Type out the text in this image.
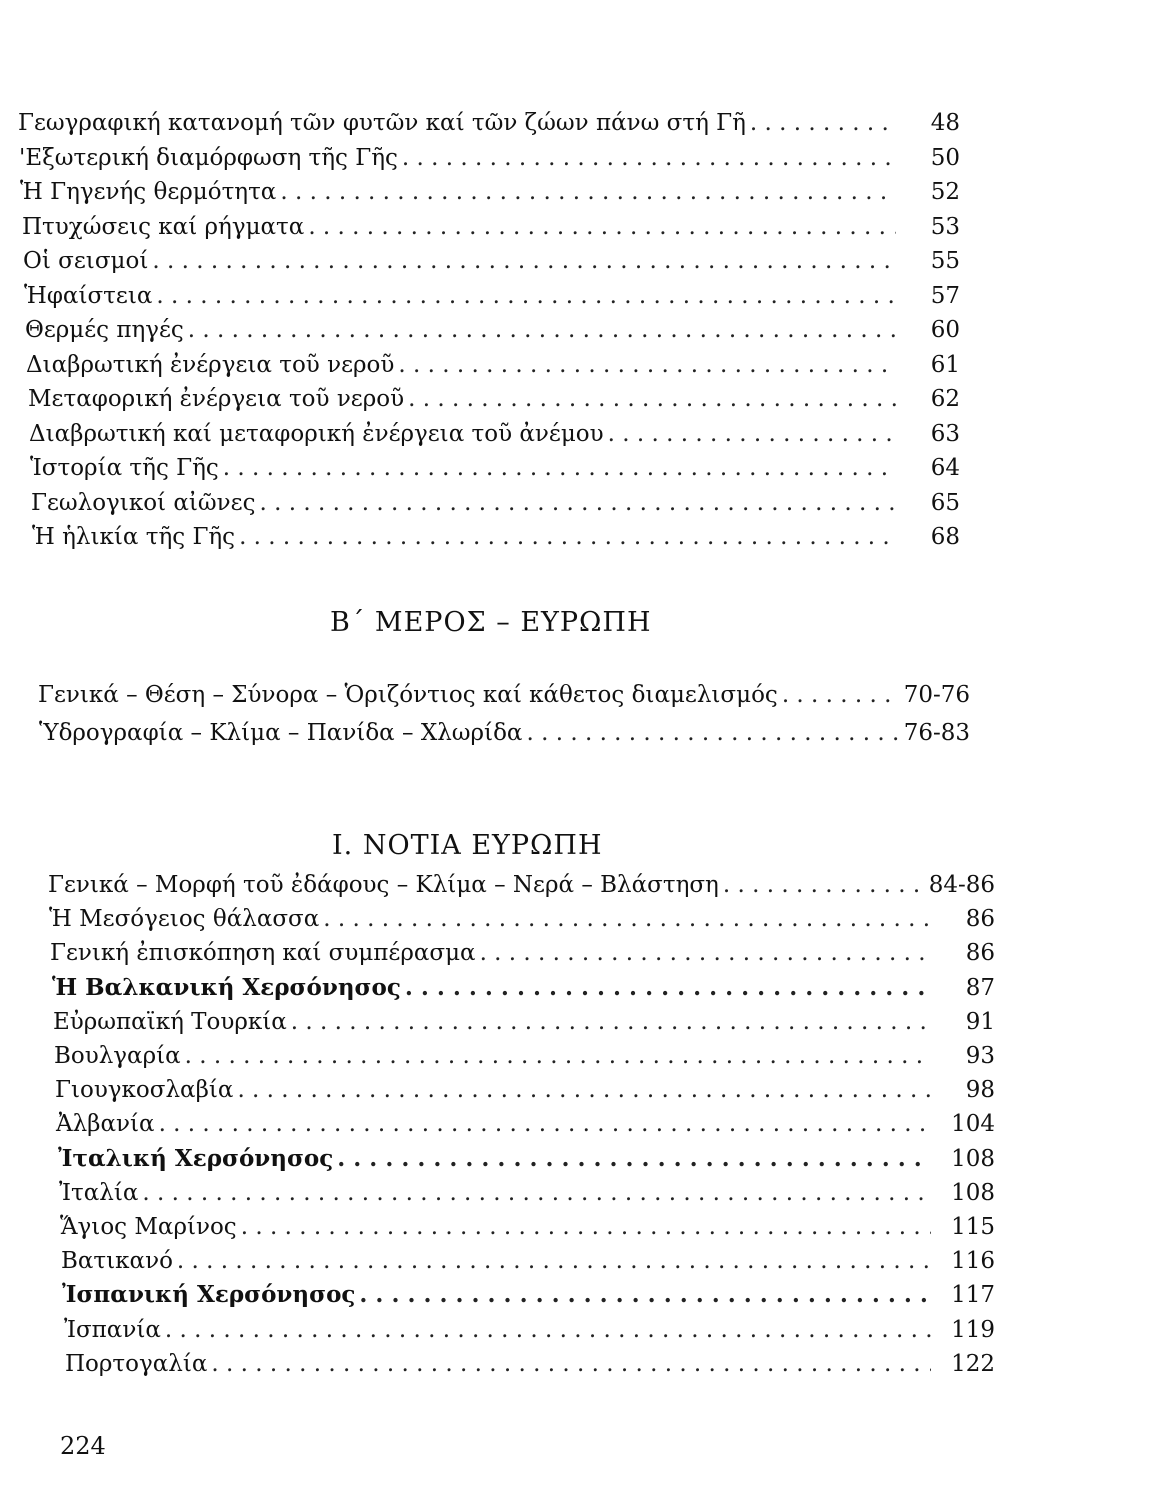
Γεωγραφική κατανομή τῶν φυτῶν καί τῶν ζώων πάνω στή Γῆ . . .	48
'Εξωτερική διαμόρφωση τῆς Γῆς . . .	50
Ἡ Γηγενής θερμότητα . . .	52
Πτυχώσεις καί ρήγματα . . .	53
Οἱ σεισμοί . . .	55
Ἡφαίστεια . . .	57
Θερμές πηγές . . .	60
Διαβρωτική ἐνέργεια τοῦ νεροῦ . . .	61
Μεταφορική ἐνέργεια τοῦ νεροῦ . . .	62
Διαβρωτική καί μεταφορική ἐνέργεια τοῦ ἀνέμου . . .	63
Ἱστορία τῆς Γῆς . . .	64
Γεωλογικοί αἰῶνες . . .	65
Ἡ ἡλικία τῆς Γῆς . . .	68
Β΄ ΜΕΡΟΣ – ΕΥΡΩΠΗ
Γενικά – Θέση – Σύνορα – Ὁριζόντιος καί κάθετος διαμελισμός . . .	70-76
Ὑδρογραφία – Κλίμα – Πανίδα – Χλωρίδα . . .	76-83
Ι. ΝΟΤΙΑ ΕΥΡΩΠΗ
Γενικά – Μορφή τοῦ ἐδάφους – Κλίμα – Νερά – Βλάστηση . . .	84-86
Ἡ Μεσόγειος θάλασσα . . .	86
Γενική ἐπισκόπηση καί συμπέρασμα . . .	86
Ἡ Βαλκανική Χερσόνησος . . .	87
Εὐρωπαϊκή Τουρκία . . .	91
Βουλγαρία . . .	93
Γιουγκοσλαβία . . .	98
Ἀλβανία . . .	104
Ἰταλική Χερσόνησος . . .	108
Ἰταλία . . .	108
Ἅγιος Μαρίνος . . .	115
Βατικανό . . .	116
Ἰσπανική Χερσόνησος . . .	117
Ἰσπανία . . .	119
Πορτογαλία . . .	122
224
